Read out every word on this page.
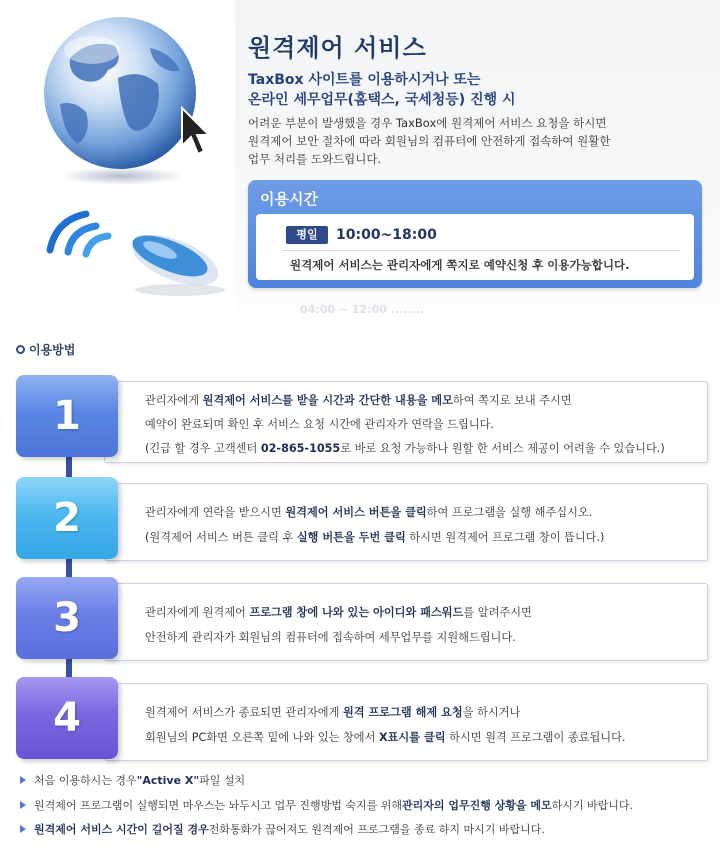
원격제어 서비스
TaxBox 사이트를 이용하시거나 또는
온라인 세무업무(홈택스, 국세청등) 진행 시
어려운 부분이 발생했을 경우 TaxBox에 원격제어 서비스 요청을 하시면
원격제어 보안 절차에 따라 회원님의 컴퓨터에 안전하게 접속하여 원활한
업무 처리를 도와드립니다.
이용시간
평일	10:00~18:00
원격제어 서비스는 관리자에게 쪽지로 예약신청 후 이용가능합니다.
04:00 ~ 12:00 ........
이용방법
관리자에게 원격제어 서비스를 받을 시간과 간단한 내용을 메모하여 쪽지로 보내 주시면
예약이 완료되며 확인 후 서비스 요청 시간에 관리자가 연락을 드립니다.
(긴급 할 경우 고객센터 02-865-1055로 바로 요청 가능하나 원할 한 서비스 제공이 어려울 수 있습니다.)
1
관리자에게 연락을 받으시면 원격제어 서비스 버튼을 클릭하여 프로그램을 실행 해주십시오.
(원격제어 서비스 버튼 클릭 후 실행 버튼을 두번 클릭 하시면 원격제어 프로그램 창이 뜹니다.)
2
관리자에게 원격제어 프로그램 창에 나와 있는 아이디와 패스워드를 알려주시면
안전하게 관리자가 회원님의 컴퓨터에 접속하여 세무업무를 지원해드립니다.
3
원격제어 서비스가 종료되면 관리자에게 원격 프로그램 해제 요청을 하시거나
회원님의 PC화면 오른쪽 밑에 나와 있는 창에서 X표시를 클릭 하시면 원격 프로그램이 종료됩니다.
4
처음 이용하시는 경우 "Active X" 파일 설치
원격제어 프로그램이 실행되면 마우스는 놔두시고 업무 진행방법 숙지를 위해 관리자의 업무진행 상황을 메모 하시기 바랍니다.
원격제어 서비스 시간이 길어질 경우 전화통화가 끊어져도 원격제어 프로그램을 종료 하지 마시기 바랍니다.
